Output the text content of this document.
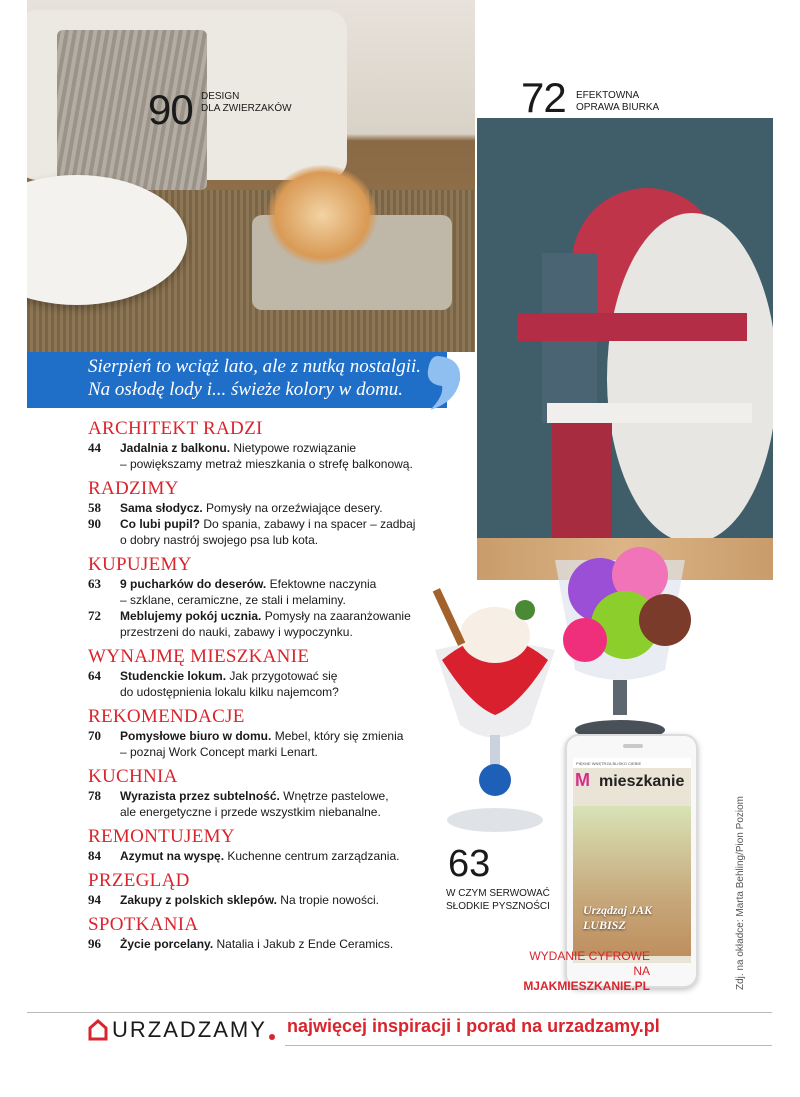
90 DESIGN
DLA ZWIERZAKÓW	72 EFEKTOWNA
OPRAWA BIURKA
Sierpień to wciąż lato, ale z nutką nostalgii.
Na osłodę lody i... świeże kolory w domu.
ARCHITEKT RADZI
44	Jadalnia z balkonu. Nietypowe rozwiązanie
– powiększamy metraż mieszkania o strefę balkonową.
RADZIMY
58	Sama słodycz. Pomysły na orzeźwiające desery.
90	Co lubi pupil? Do spania, zabawy i na spacer – zadbaj
o dobry nastrój swojego psa lub kota.
KUPUJEMY
63	9 pucharków do deserów. Efektowne naczynia
– szklane, ceramiczne, ze stali i melaminy.
72	Meblujemy pokój ucznia. Pomysły na zaaranżowanie
przestrzeni do nauki, zabawy i wypoczynku.
WYNAJMĘ MIESZKANIE
64	Studenckie lokum. Jak przygotować się
do udostępnienia lokalu kilku najemcom?
REKOMENDACJE
70	Pomysłowe biuro w domu. Mebel, który się zmienia
– poznaj Work Concept marki Lenart.
KUCHNIA
78	Wyrazista przez subtelność. Wnętrze pastelowe,
ale energetyczne i przede wszystkim niebanalne.
REMONTUJEMY
84	Azymut na wyspę. Kuchenne centrum zarządzania.
PRZEGLĄD
94	Zakupy z polskich sklepów. Na tropie nowości.
SPOTKANIA
96	Życie porcelany. Natalia i Jakub z Ende Ceramics.
63
W CZYM SERWOWAĆ
SŁODKIE PYSZNOŚCI
PIĘKNE WNĘTRZA BLISKO CIEBIE
M mieszkanie
Urządzaj JAK LUBISZ
WYDANIE CYFROWE
NA MJAKMIESZKANIE.PL	Zdj. na okładce: Marta Behling/Pion Poziom
URZADZAMY najwięcej inspiracji i porad na urzadzamy.pl
